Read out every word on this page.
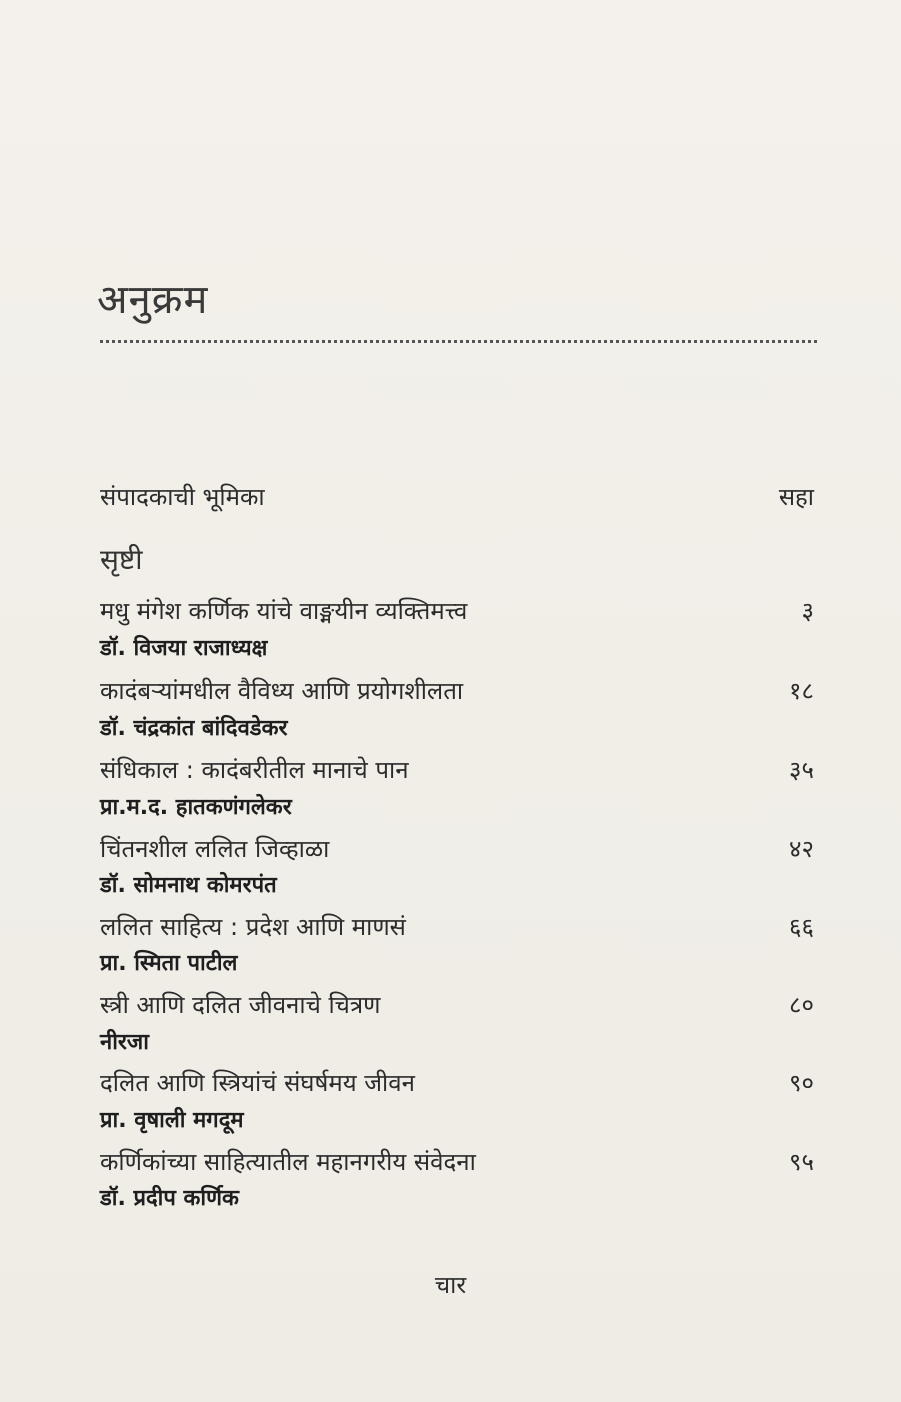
अनुक्रम
संपादकाची भूमिका	सहा
सृष्टी
मधु मंगेश कर्णिक यांचे वाङ्मयीन व्यक्तिमत्त्व	३
डॉ. विजया राजाध्यक्ष
कादंबऱ्यांमधील वैविध्य आणि प्रयोगशीलता	१८
डॉ. चंद्रकांत बांदिवडेकर
संधिकाल : कादंबरीतील मानाचे पान	३५
प्रा.म.द. हातकणंगलेकर
चिंतनशील ललित जिव्हाळा	४२
डॉ. सोमनाथ कोमरपंत
ललित साहित्य : प्रदेश आणि माणसं	६६
प्रा. स्मिता पाटील
स्त्री आणि दलित जीवनाचे चित्रण	८०
नीरजा
दलित आणि स्त्रियांचं संघर्षमय जीवन	९०
प्रा. वृषाली मगदूम
कर्णिकांच्या साहित्यातील महानगरीय संवेदना	९५
डॉ. प्रदीप कर्णिक
चार
